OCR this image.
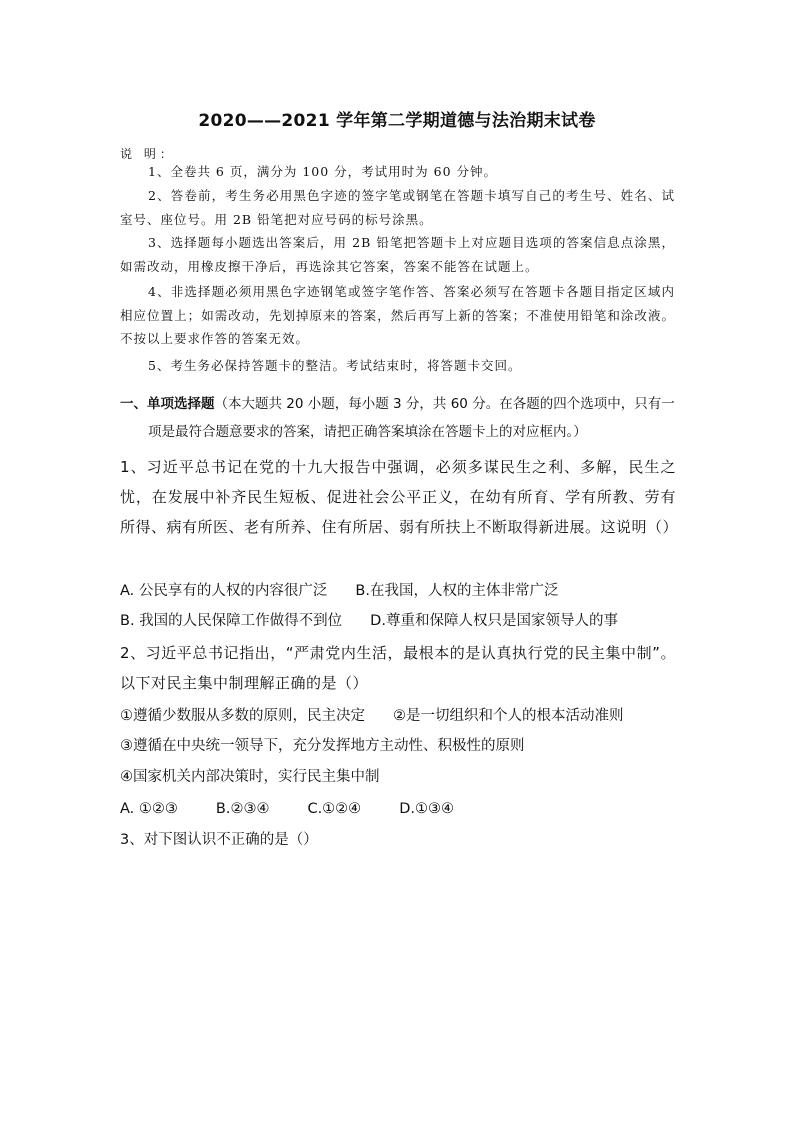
2020——2021 学年第二学期道德与法治期末试卷
说 明：
1、全卷共 6 页，满分为 100 分，考试用时为 60 分钟。
2、答卷前，考生务必用黑色字迹的签字笔或钢笔在答题卡填写自己的考生号、姓名、试室号、座位号。用 2B 铅笔把对应号码的标号涂黑。
3、选择题每小题选出答案后，用 2B 铅笔把答题卡上对应题目选项的答案信息点涂黑，如需改动，用橡皮擦干净后，再选涂其它答案，答案不能答在试题上。
4、非选择题必须用黑色字迹钢笔或签字笔作答、答案必须写在答题卡各题目指定区域内相应位置上；如需改动，先划掉原来的答案，然后再写上新的答案；不准使用铅笔和涂改液。不按以上要求作答的答案无效。
5、考生务必保持答题卡的整洁。考试结束时，将答题卡交回。
一、单项选择题（本大题共 20 小题，每小题 3 分，共 60 分。在各题的四个选项中，只有一
项是最符合题意要求的答案，请把正确答案填涂在答题卡上的对应框内。）
1、习近平总书记在党的十九大报告中强调，必须多谋民生之利、多解，民生之忧，在发展中补齐民生短板、促进社会公平正义，在幼有所育、学有所教、劳有所得、病有所医、老有所养、住有所居、弱有所扶上不断取得新进展。这说明（）
A. 公民享有的人权的内容很广泛 B.在我国，人权的主体非常广泛
B. 我国的人民保障工作做得不到位 D.尊重和保障人权只是国家领导人的事
2、习近平总书记指出，“严肃党内生活，最根本的是认真执行党的民主集中制”。以下对民主集中制理解正确的是（）
①遵循少数服从多数的原则，民主决定 ②是一切组织和个人的根本活动准则
③遵循在中央统一领导下，充分发挥地方主动性、积极性的原则
④国家机关内部决策时，实行民主集中制
A. ①②③	B.②③④	C.①②④	D.①③④
3、对下图认识不正确的是（）
